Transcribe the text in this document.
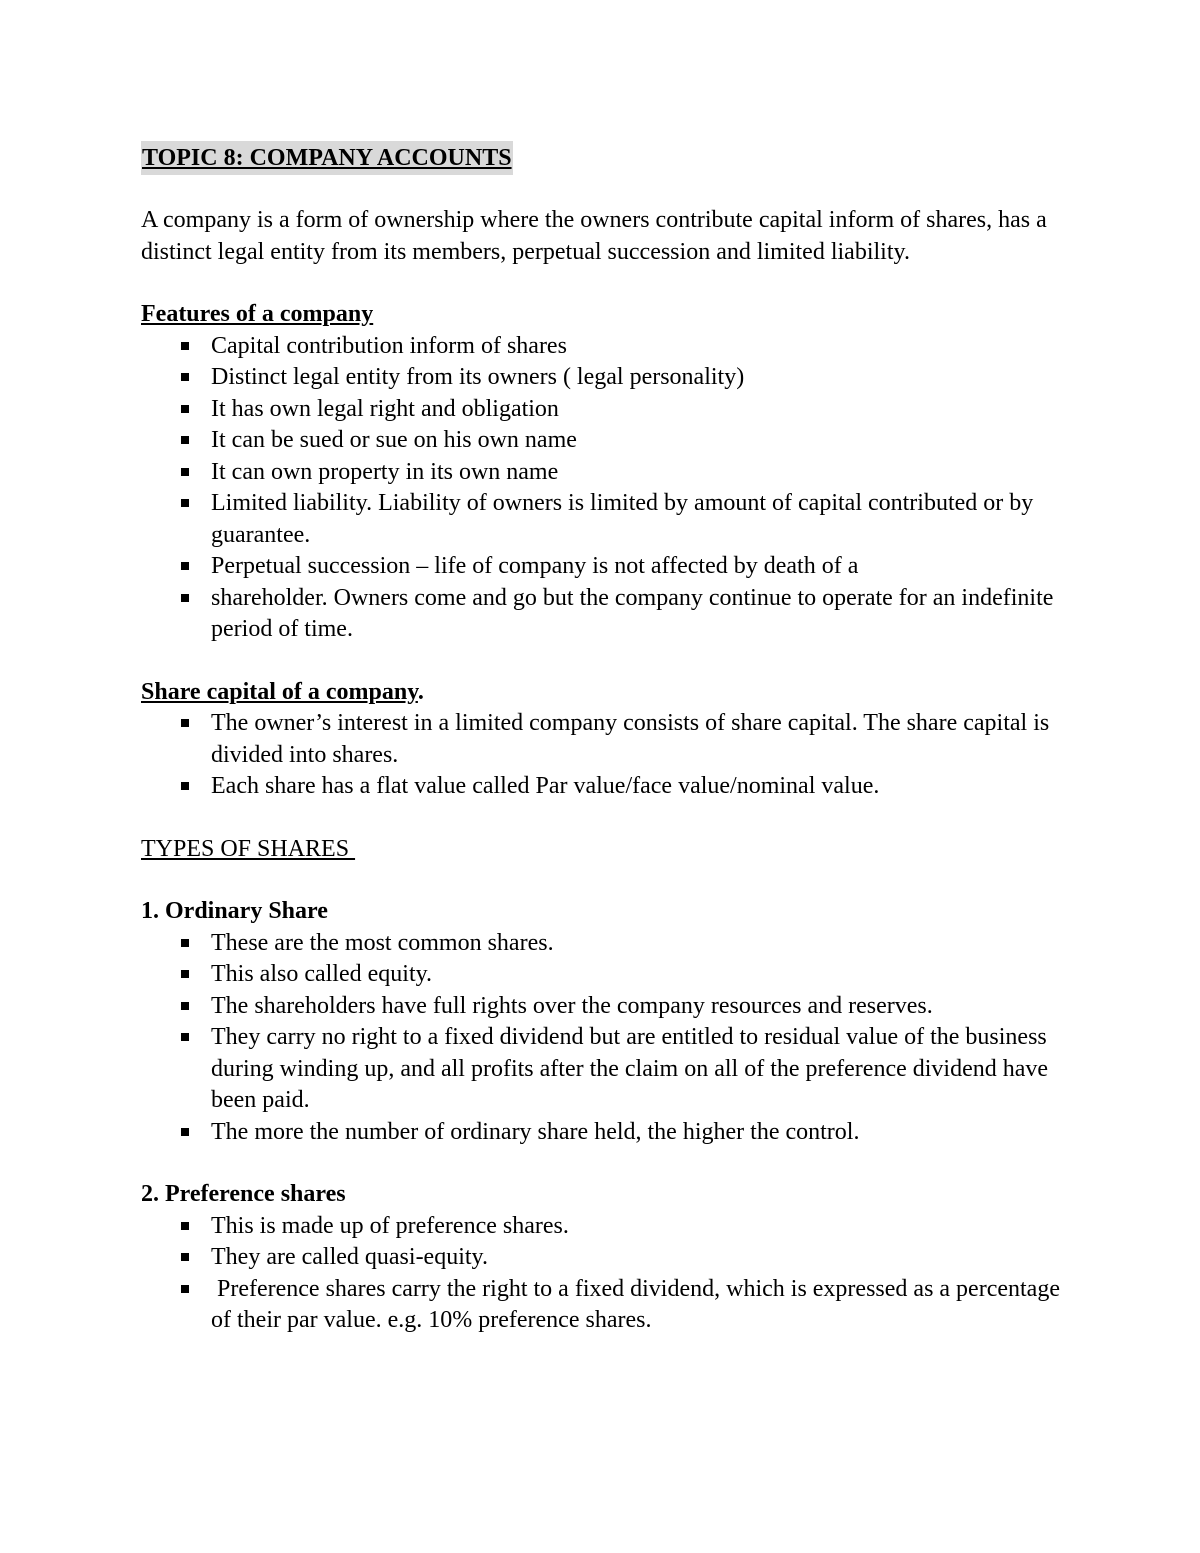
TOPIC 8: COMPANY ACCOUNTS

A company is a form of ownership where the owners contribute capital inform of shares, has a distinct legal entity from its members, perpetual succession and limited liability.

Features of a company
Capital contribution inform of shares
Distinct legal entity from its owners ( legal personality)
It has own legal right and obligation
It can be sued or sue on his own name
It can own property in its own name
Limited liability. Liability of owners is limited by amount of capital contributed or by guarantee.
Perpetual succession – life of company is not affected by death of a
shareholder. Owners come and go but the company continue to operate for an indefinite period of time.
Share capital of a company.
The owner’s interest in a limited company consists of share capital. The share capital is divided into shares.
Each share has a flat value called Par value/face value/nominal value.
TYPES OF SHARES
1. Ordinary Share
These are the most common shares.
This also called equity.
The shareholders have full rights over the company resources and reserves.
They carry no right to a fixed dividend but are entitled to residual value of the business during winding up, and all profits after the claim on all of the preference dividend have been paid.
The more the number of ordinary share held, the higher the control.
2. Preference shares
This is made up of preference shares.
They are called quasi-equity.
Preference shares carry the right to a fixed dividend, which is expressed as a percentage of their par value. e.g. 10% preference shares.
